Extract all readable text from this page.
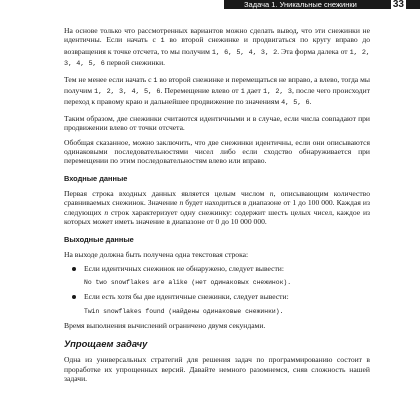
Задача 1. Уникальные снежинки	33

На основе только что рассмотренных вариантов можно сделать вывод, что эти снежинки не идентичны. Если начать с 1 во второй снежинке и продвигаться по кругу вправо до возвращения к точке отсчета, то мы получим 1, 6, 5, 4, 3, 2. Эта форма далека от 1, 2, 3, 4, 5, 6 первой снежинки.

Тем не менее если начать с 1 во второй снежинке и перемещаться не вправо, а влево, тогда мы получим 1, 2, 3, 4, 5, 6. Перемещение влево от 1 дает 1, 2, 3, после чего происходит переход к правому краю и дальнейшее продвижение по значениям 4, 5, 6.

Таким образом, две снежинки считаются идентичными и в случае, если числа совпадают при продвижении влево от точки отсчета.

Обобщая сказанное, можно заключить, что две снежинки идентичны, если они описываются одинаковыми последовательностями чисел либо если сходство обнаруживается при перемещении по этим последовательностям влево или вправо.

Входные данные

Первая строка входных данных является целым числом n, описывающим количество сравниваемых снежинок. Значение n будет находиться в диапазоне от 1 до 100 000. Каждая из следующих n строк характеризует одну снежинку: содержит шесть целых чисел, каждое из которых может иметь значение в диапазоне от 0 до 10 000 000.

Выходные данные

На выходе должна быть получена одна текстовая строка:

Если идентичных снежинок не обнаружено, следует вывести:
No two snowflakes are alike (нет одинаковых снежинок).
Если есть хотя бы две идентичные снежинки, следует вывести:
Twin snowflakes found (найдены одинаковые снежинки).

Время выполнения вычислений ограничено двумя секундами.

Упрощаем задачу

Одна из универсальных стратегий для решения задач по программированию состоит в проработке их упрощенных версий. Давайте немного разомнемся, сняв сложность нашей задачи.
